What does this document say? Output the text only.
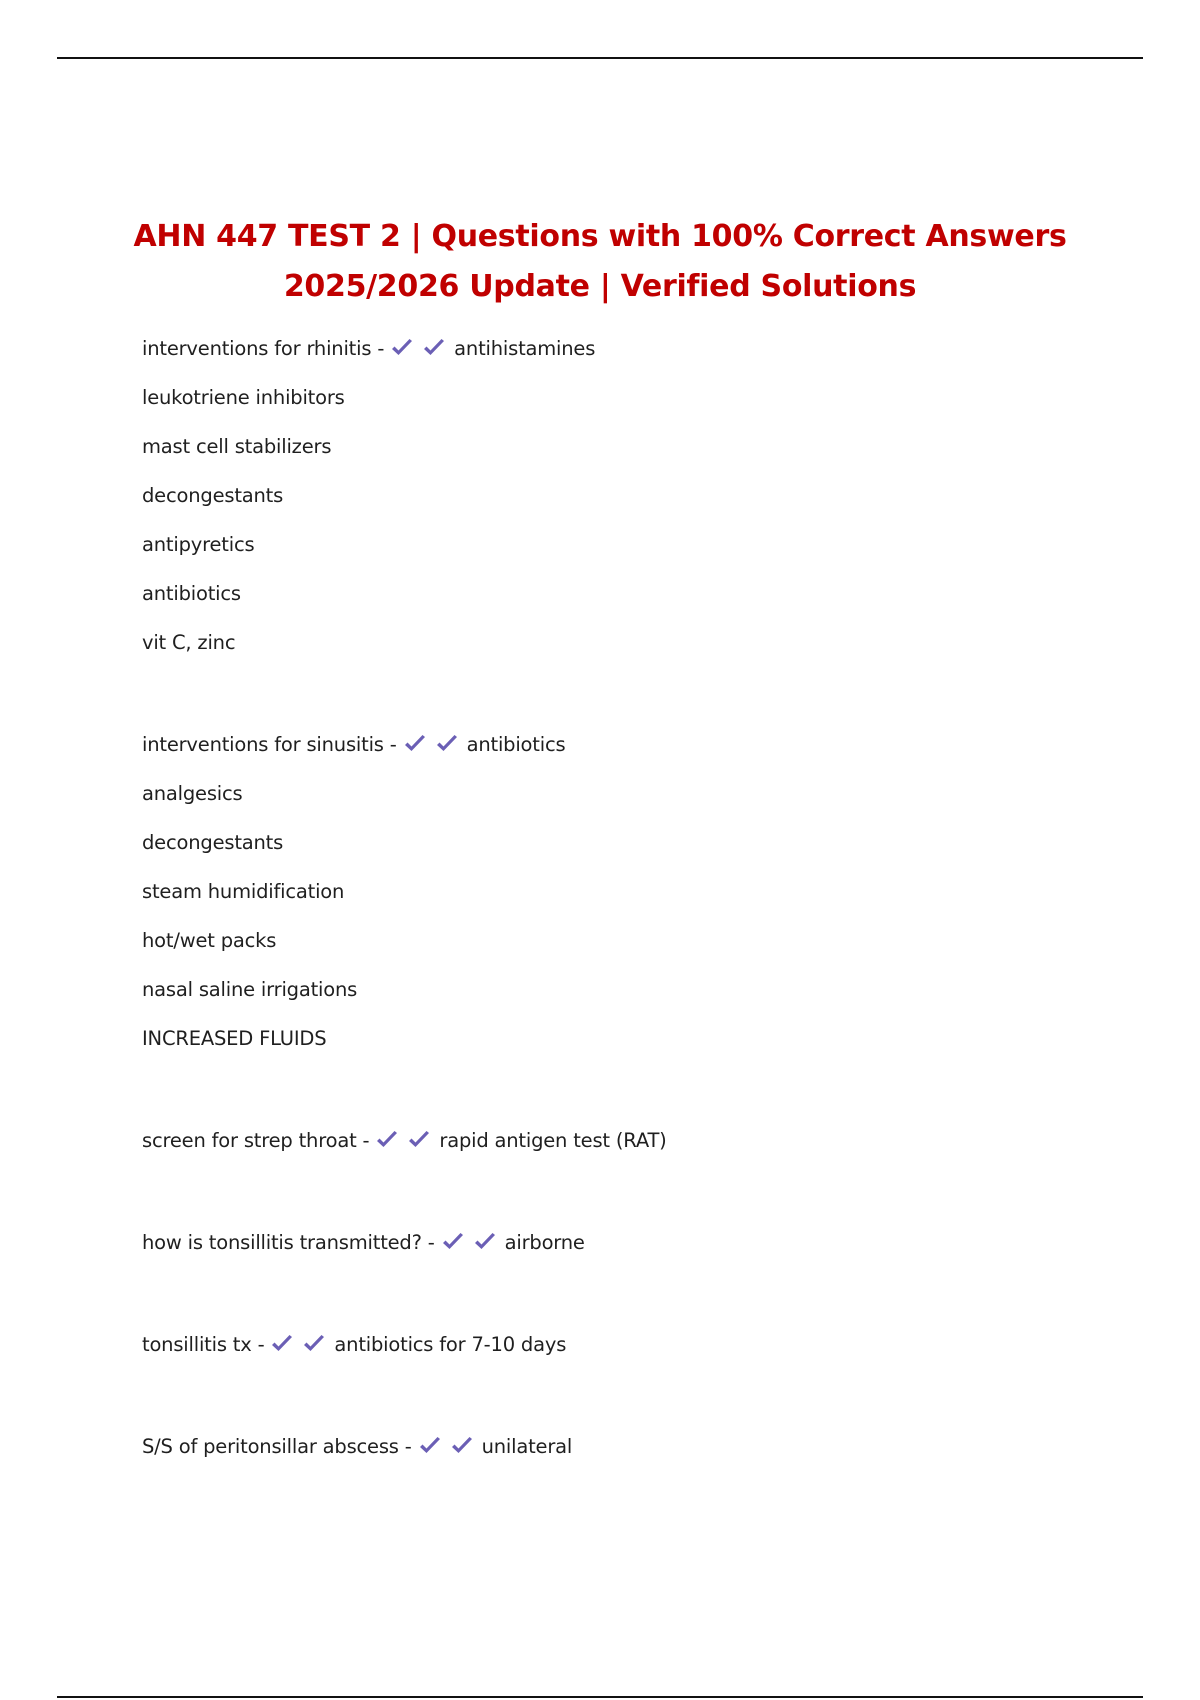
AHN 447 TEST 2 | Questions with 100% Correct Answers
2025/2026 Update | Verified Solutions
interventions for rhinitis -	antihistamines
leukotriene inhibitors
mast cell stabilizers
decongestants
antipyretics
antibiotics
vit C, zinc
interventions for sinusitis -	antibiotics
analgesics
decongestants
steam humidification
hot/wet packs
nasal saline irrigations
INCREASED FLUIDS
screen for strep throat -	rapid antigen test (RAT)
how is tonsillitis transmitted? -	airborne
tonsillitis tx -	antibiotics for 7-10 days
S/S of peritonsillar abscess -	unilateral
